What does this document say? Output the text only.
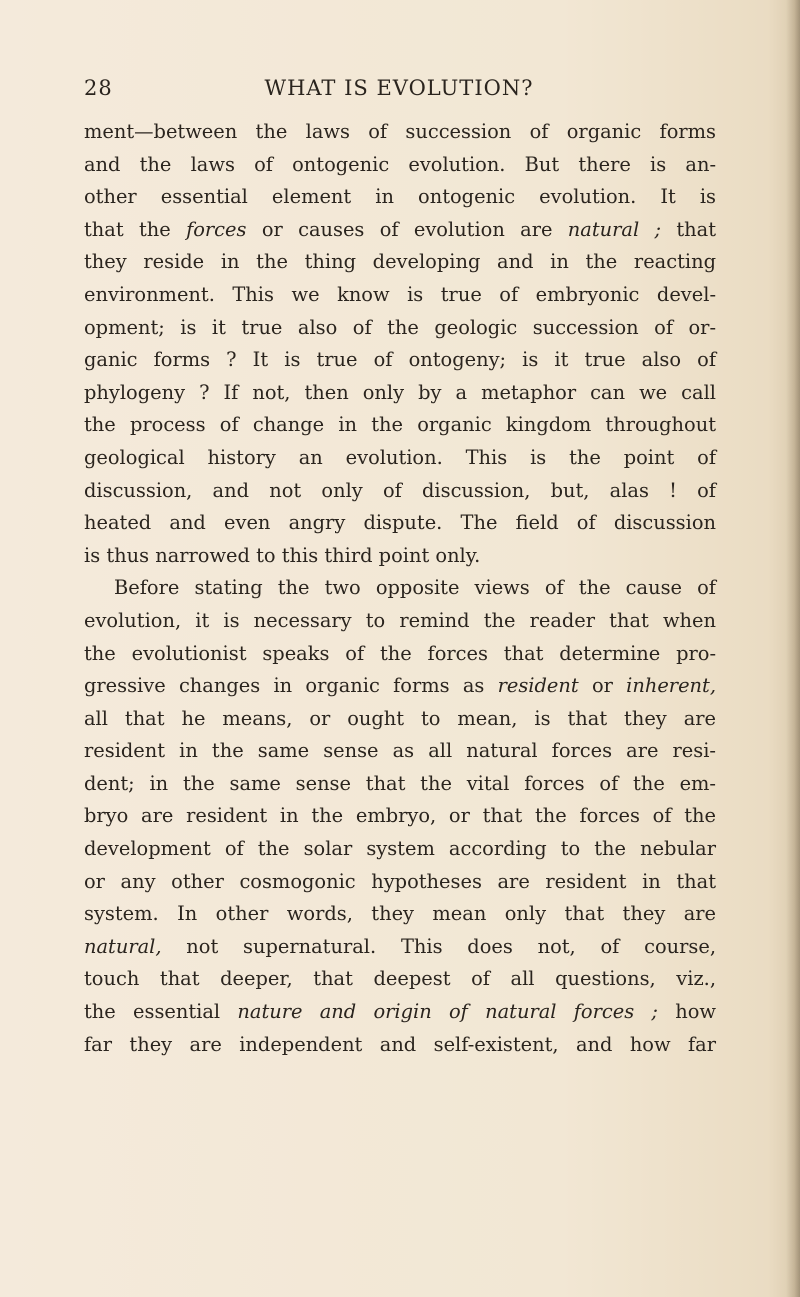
28	WHAT IS EVOLUTION?
ment—between the laws of succession of organic forms
and the laws of ontogenic evolution. But there is an-
other essential element in ontogenic evolution. It is
that the forces or causes of evolution are natural ; that
they reside in the thing developing and in the reacting
environment. This we know is true of embryonic devel-
opment; is it true also of the geologic succession of or-
ganic forms ? It is true of ontogeny; is it true also of
phylogeny ? If not, then only by a metaphor can we call
the process of change in the organic kingdom throughout
geological history an evolution. This is the point of
discussion, and not only of discussion, but, alas ! of
heated and even angry dispute. The field of discussion
is thus narrowed to this third point only.
Before stating the two opposite views of the cause of
evolution, it is necessary to remind the reader that when
the evolutionist speaks of the forces that determine pro-
gressive changes in organic forms as resident or inherent,
all that he means, or ought to mean, is that they are
resident in the same sense as all natural forces are resi-
dent; in the same sense that the vital forces of the em-
bryo are resident in the embryo, or that the forces of the
development of the solar system according to the nebular
or any other cosmogonic hypotheses are resident in that
system. In other words, they mean only that they are
natural, not supernatural. This does not, of course,
touch that deeper, that deepest of all questions, viz.,
the essential nature and origin of natural forces ; how
far they are independent and self-existent, and how far
